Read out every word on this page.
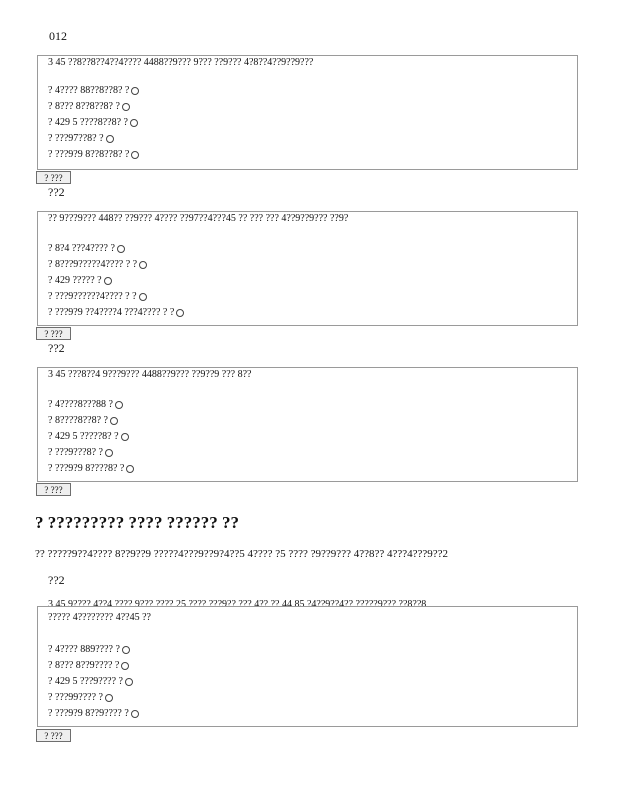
012
3 45 ??8??8??4??4???? 4488??9??? 9??? ??9??? 4?8??4??9??9???
? 4???? 88??8??8? ?
? 8??? 8??8??8? ?
? 429 5 ????8??8? ?
? ???97??8? ?
? ???9?9 8??8??8? ?
? ???
??2
?? 9???9??? 448?? ??9??? 4???? ??97??4???45 ?? ??? ??? 4??9??9??? ??9?
? 8?4 ???4???? ?
? 8???9?????4???? ? ?
? 429 ????? ?
? ???9??????4???? ? ?
? ???9?9 ??4????4 ???4???? ? ?
? ???
??2
3 45 ???8??4 9???9??? 4488??9??? ??9??9 ??? 8??
? 4????8???88 ?
? 8????8??8? ?
? 429 5 ?????8? ?
? ???9???8? ?
? ???9?9 8????8? ?
? ???
? ????????? ???? ?????? ??
?? ?????9??4???? 8??9??9 ?????4???9??9?4??5 4???? ?5 ???? ?9??9??? 4??8?? 4???4???9??2
??2
3 45 9???? 4??4 ???? 9??? ???? 25 ???? ???9?? ??? 4?? ?? 44 85 ?4??9??4?? ?????9??? ??8??8
????? 4???????? 4??45 ??
? 4???? 889???? ?
? 8??? 8??9???? ?
? 429 5 ???9???? ?
? ???99???? ?
? ???9?9 8??9???? ?
? ???
